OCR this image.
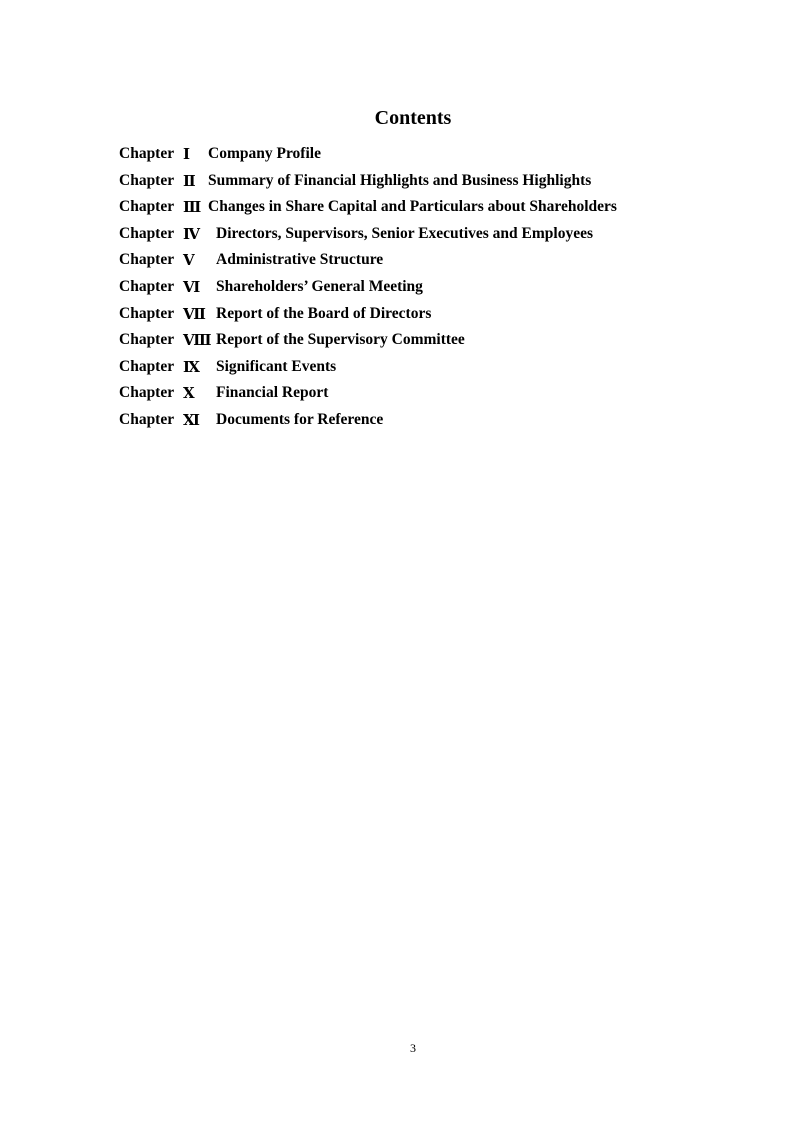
Contents
Chapter Ⅰ Company Profile
Chapter Ⅱ Summary of Financial Highlights and Business Highlights
Chapter Ⅲ Changes in Share Capital and Particulars about Shareholders
Chapter Ⅳ Directors, Supervisors, Senior Executives and Employees
Chapter Ⅴ Administrative Structure
Chapter Ⅵ Shareholders’ General Meeting
Chapter Ⅶ Report of the Board of Directors
Chapter Ⅷ Report of the Supervisory Committee
Chapter Ⅸ Significant Events
Chapter Ⅹ Financial Report
Chapter Ⅺ Documents for Reference
3
